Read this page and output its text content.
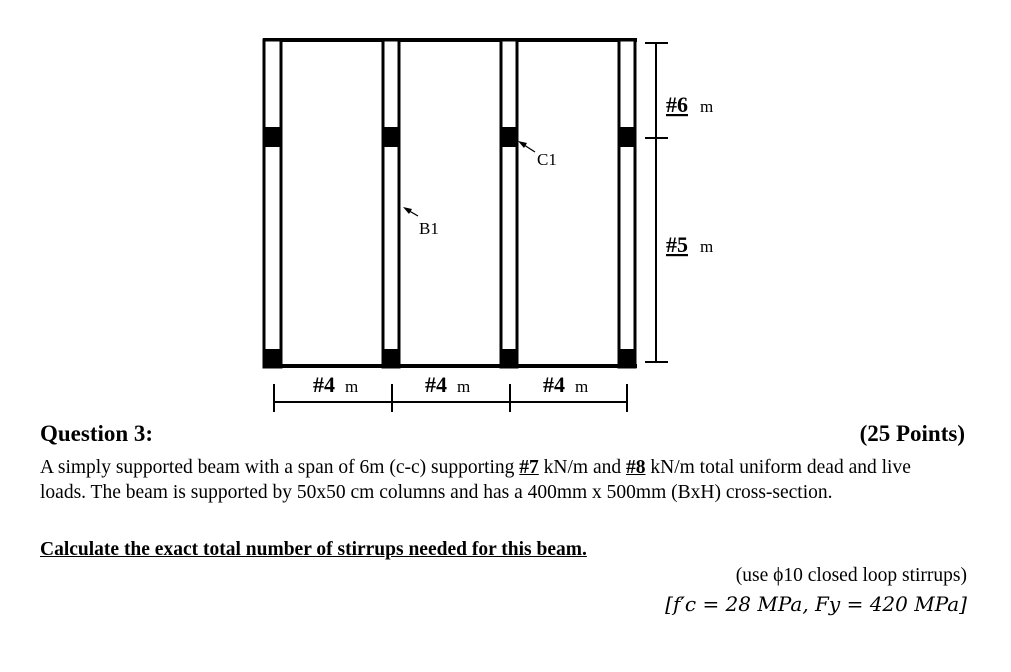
#6 m
#5 m
#4 m	#4 m	#4 m
C1
B1
Question 3:	(25 Points)
A simply supported beam with a span of 6m (c-c) supporting #7 kN/m and #8 kN/m total uniform dead and live loads. The beam is supported by 50x50 cm columns and has a 400mm x 500mm (BxH) cross-section.
Calculate the exact total number of stirrups needed for this beam.
(use ϕ10 closed loop stirrups)
[f′c = 28 MPa, Fy = 420 MPa]
